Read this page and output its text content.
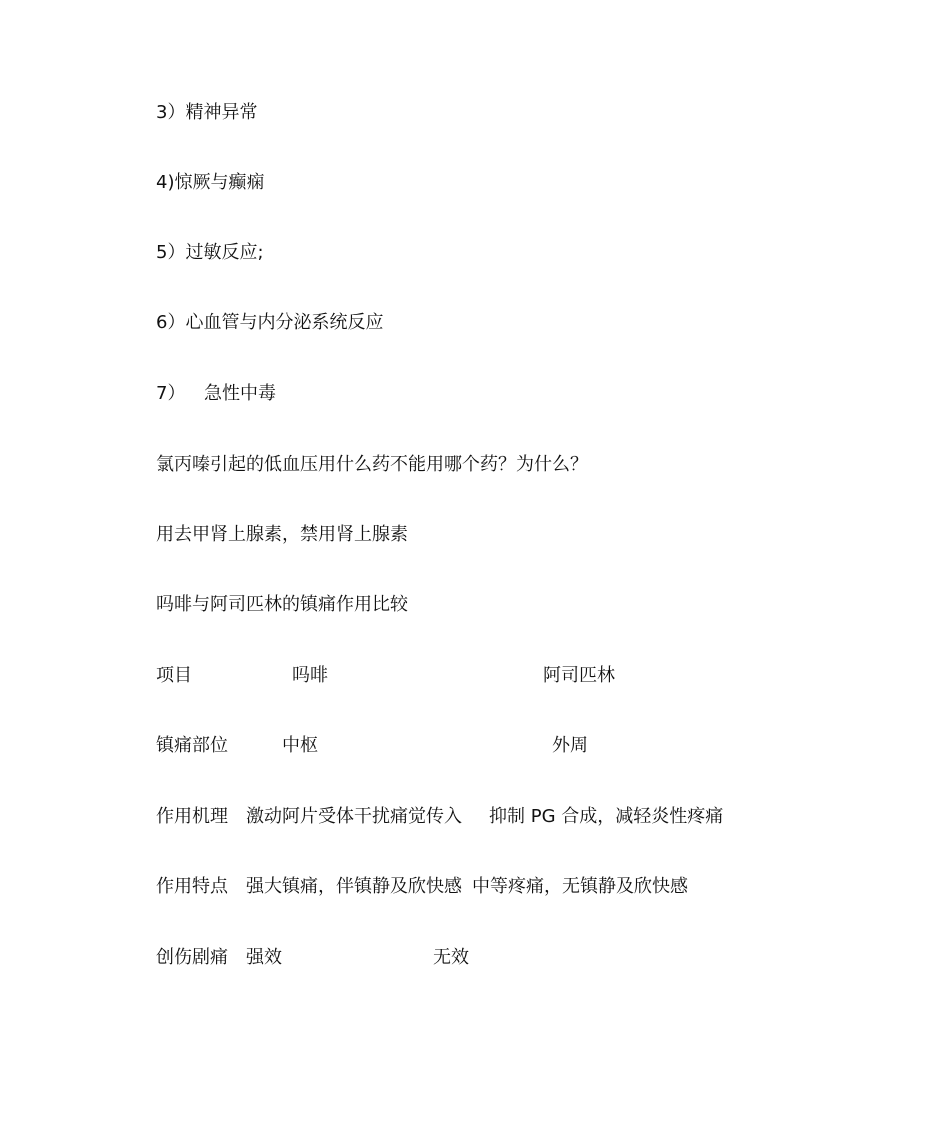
3）精神异常
4)惊厥与癫痫
5）过敏反应;
6）心血管与内分泌系统反应
7） 急性中毒
氯丙嗪引起的低血压用什么药不能用哪个药？为什么？
用去甲肾上腺素，禁用肾上腺素
吗啡与阿司匹林的镇痛作用比较
项目	吗啡	阿司匹林
镇痛部位	中枢	外周
作用机理 激动阿片受体干扰痛觉传入 抑制 PG 合成，减轻炎性疼痛
作用特点 强大镇痛，伴镇静及欣快感 中等疼痛，无镇静及欣快感
创伤剧痛 强效	无效
